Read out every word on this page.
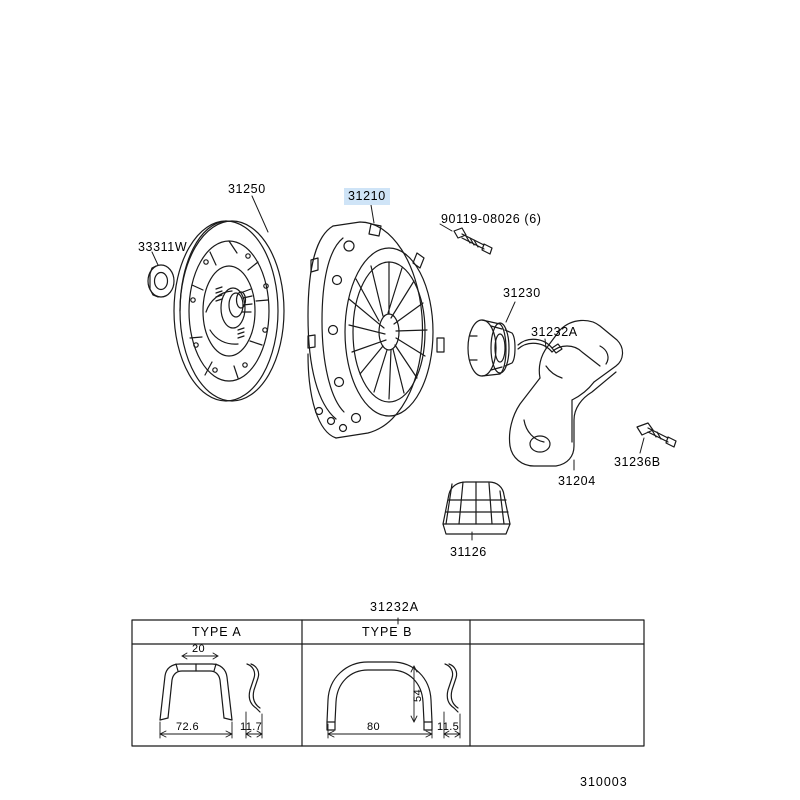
33311W
31250	31210
90119-08026 (6)
31230
31232A
31236B
31204
31126
31232A
TYPE A	TYPE B
20
72.6	11.7	80
54
11.5
310003
